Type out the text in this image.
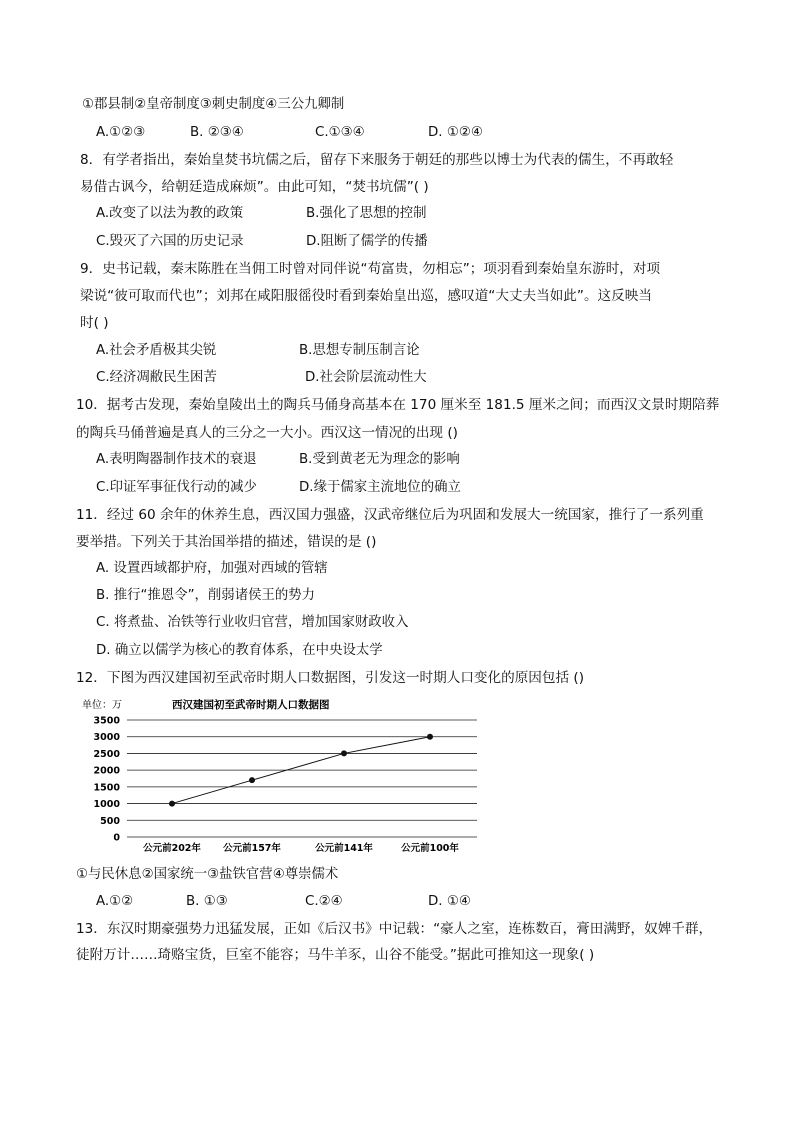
①郡县制②皇帝制度③刺史制度④三公九卿制
A.①②③	B. ②③④	C.①③④	D. ①②④
8．有学者指出，秦始皇焚书坑儒之后，留存下来服务于朝廷的那些以博士为代表的儒生，不再敢轻
易借古讽今，给朝廷造成麻烦”。由此可知，“焚书坑儒”( )
A.改变了以法为教的政策	B.强化了思想的控制
C.毁灭了六国的历史记录	D.阻断了儒学的传播
9．史书记载，秦末陈胜在当佣工时曾对同伴说“苟富贵，勿相忘”；项羽看到秦始皇东游时，对项
梁说“彼可取而代也”；刘邦在咸阳服徭役时看到秦始皇出巡，感叹道“大丈夫当如此”。这反映当
时( )
A.社会矛盾极其尖锐	B.思想专制压制言论
C.经济凋敝民生困苦	D.社会阶层流动性大
10．据考古发现，秦始皇陵出土的陶兵马俑身高基本在 170 厘米至 181.5 厘米之间；而西汉文景时期陪葬
的陶兵马俑普遍是真人的三分之一大小。西汉这一情况的出现 ()
A.表明陶器制作技术的衰退	B.受到黄老无为理念的影响
C.印证军事征伐行动的减少	D.缘于儒家主流地位的确立
11．经过 60 余年的休养生息，西汉国力强盛，汉武帝继位后为巩固和发展大一统国家，推行了一系列重
要举措。下列关于其治国举措的描述，错误的是 ()
A. 设置西域都护府，加强对西域的管辖
B. 推行“推恩令”，削弱诸侯王的势力
C. 将煮盐、冶铁等行业收归官营，增加国家财政收入
D. 确立以儒学为核心的教育体系，在中央设太学
12．下图为西汉建国初至武帝时期人口数据图，引发这一时期人口变化的原因包括 ()
0
500
1000
1500
2000
2500
3000
3500
公元前202年 公元前157年	公元前141年	公元前100年
单位：万	西汉建国初至武帝时期人口数据图
①与民休息②国家统一③盐铁官营④尊崇儒术
A.①②	B. ①③	C.②④	D. ①④
13．东汉时期豪强势力迅猛发展，正如《后汉书》中记载：“豪人之室，连栋数百，膏田满野，奴婢千群，
徒附万计……琦赂宝货，巨室不能容；马牛羊豕，山谷不能受。”据此可推知这一现象( )
